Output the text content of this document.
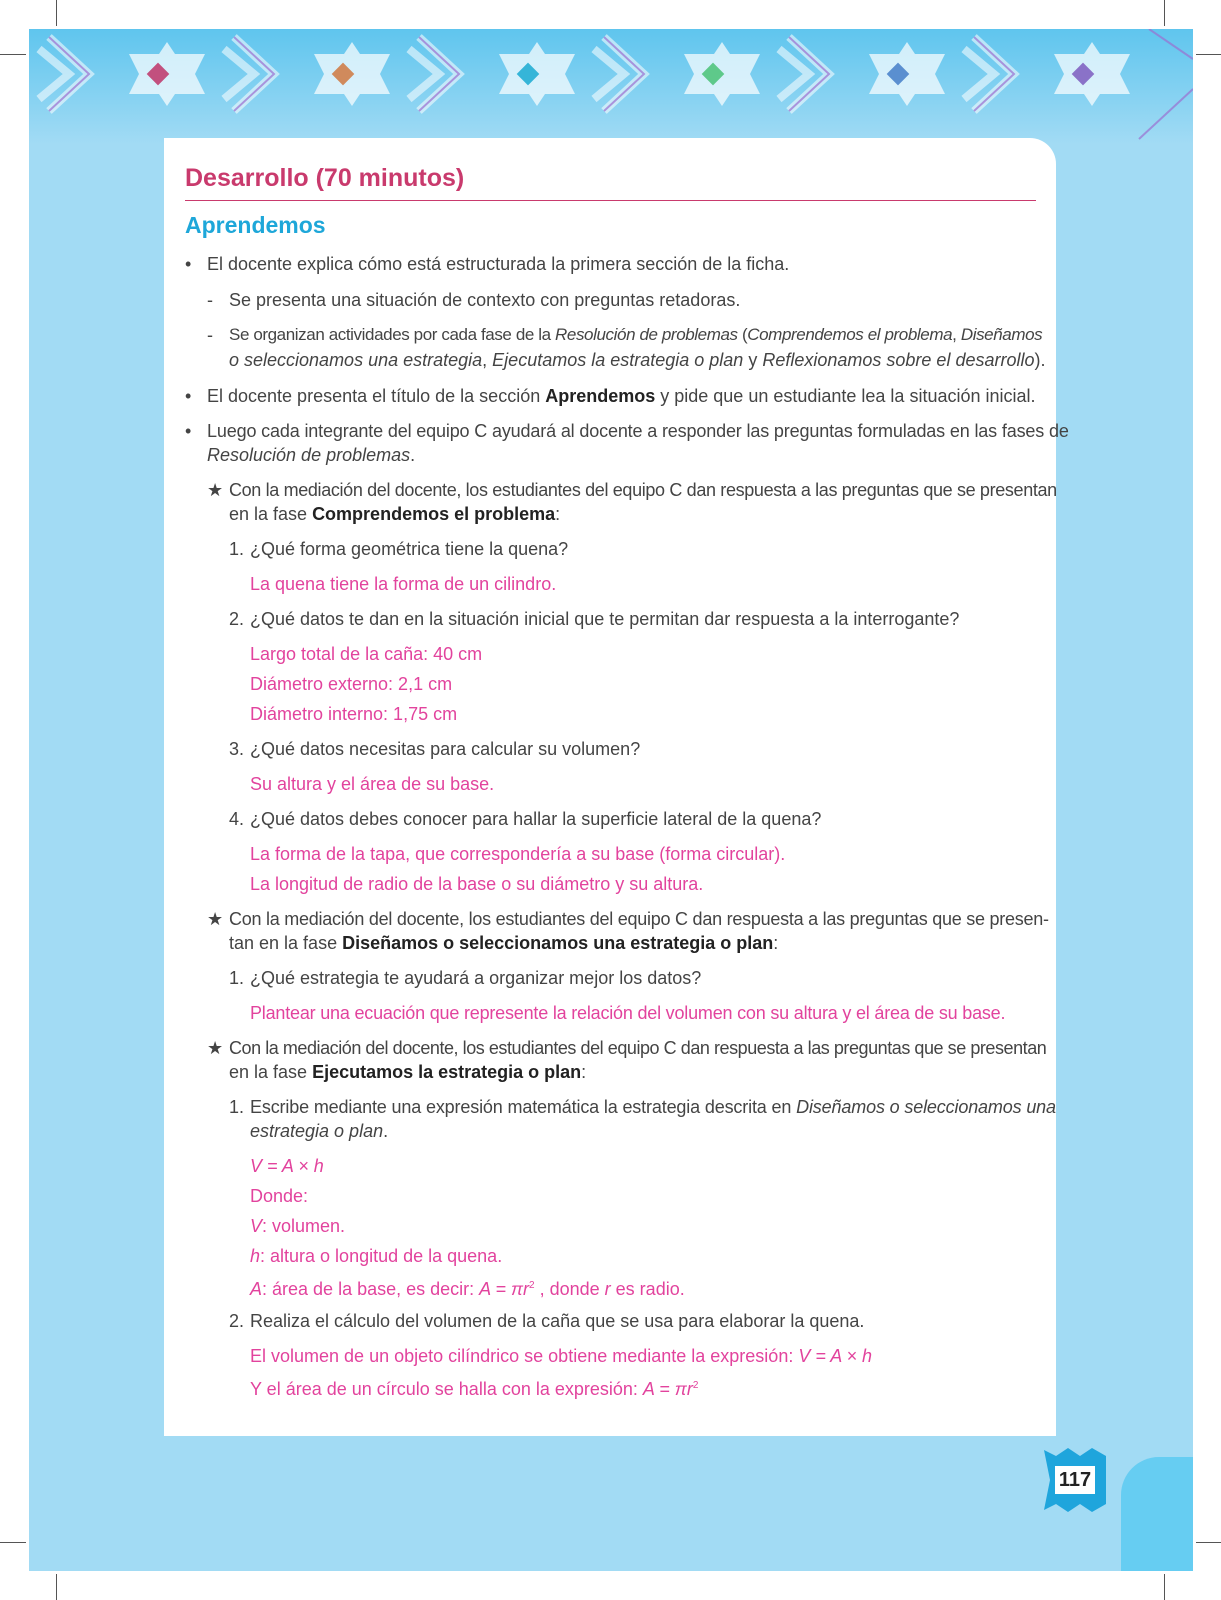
Desarrollo (70 minutos)
Aprendemos
• El docente explica cómo está estructurada la primera sección de la ficha.
- Se presenta una situación de contexto con preguntas retadoras.
- Se organizan actividades por cada fase de la Resolución de problemas (Comprendemos el problema, Diseñamos
o seleccionamos una estrategia, Ejecutamos la estrategia o plan y Reflexionamos sobre el desarrollo).
• El docente presenta el título de la sección Aprendemos y pide que un estudiante lea la situación inicial.
• Luego cada integrante del equipo C ayudará al docente a responder las preguntas formuladas en las fases de
Resolución de problemas.
★ Con la mediación del docente, los estudiantes del equipo C dan respuesta a las preguntas que se presentan
en la fase Comprendemos el problema:
1. ¿Qué forma geométrica tiene la quena?
La quena tiene la forma de un cilindro.
2. ¿Qué datos te dan en la situación inicial que te permitan dar respuesta a la interrogante?
Largo total de la caña: 40 cm
Diámetro externo: 2,1 cm
Diámetro interno: 1,75 cm
3. ¿Qué datos necesitas para calcular su volumen?
Su altura y el área de su base.
4. ¿Qué datos debes conocer para hallar la superficie lateral de la quena?
La forma de la tapa, que correspondería a su base (forma circular).
La longitud de radio de la base o su diámetro y su altura.
★ Con la mediación del docente, los estudiantes del equipo C dan respuesta a las preguntas que se presen-
tan en la fase Diseñamos o seleccionamos una estrategia o plan:
1. ¿Qué estrategia te ayudará a organizar mejor los datos?
Plantear una ecuación que represente la relación del volumen con su altura y el área de su base.
★ Con la mediación del docente, los estudiantes del equipo C dan respuesta a las preguntas que se presentan
en la fase Ejecutamos la estrategia o plan:
1. Escribe mediante una expresión matemática la estrategia descrita en Diseñamos o seleccionamos una
estrategia o plan.
V = A × h
Donde:
V: volumen.
h: altura o longitud de la quena.
A: área de la base, es decir: $A = \pi r^2$ , donde r es radio.
2. Realiza el cálculo del volumen de la caña que se usa para elaborar la quena.
El volumen de un objeto cilíndrico se obtiene mediante la expresión: V = A × h
Y el área de un círculo se halla con la expresión: $A = \pi r^2$
117
